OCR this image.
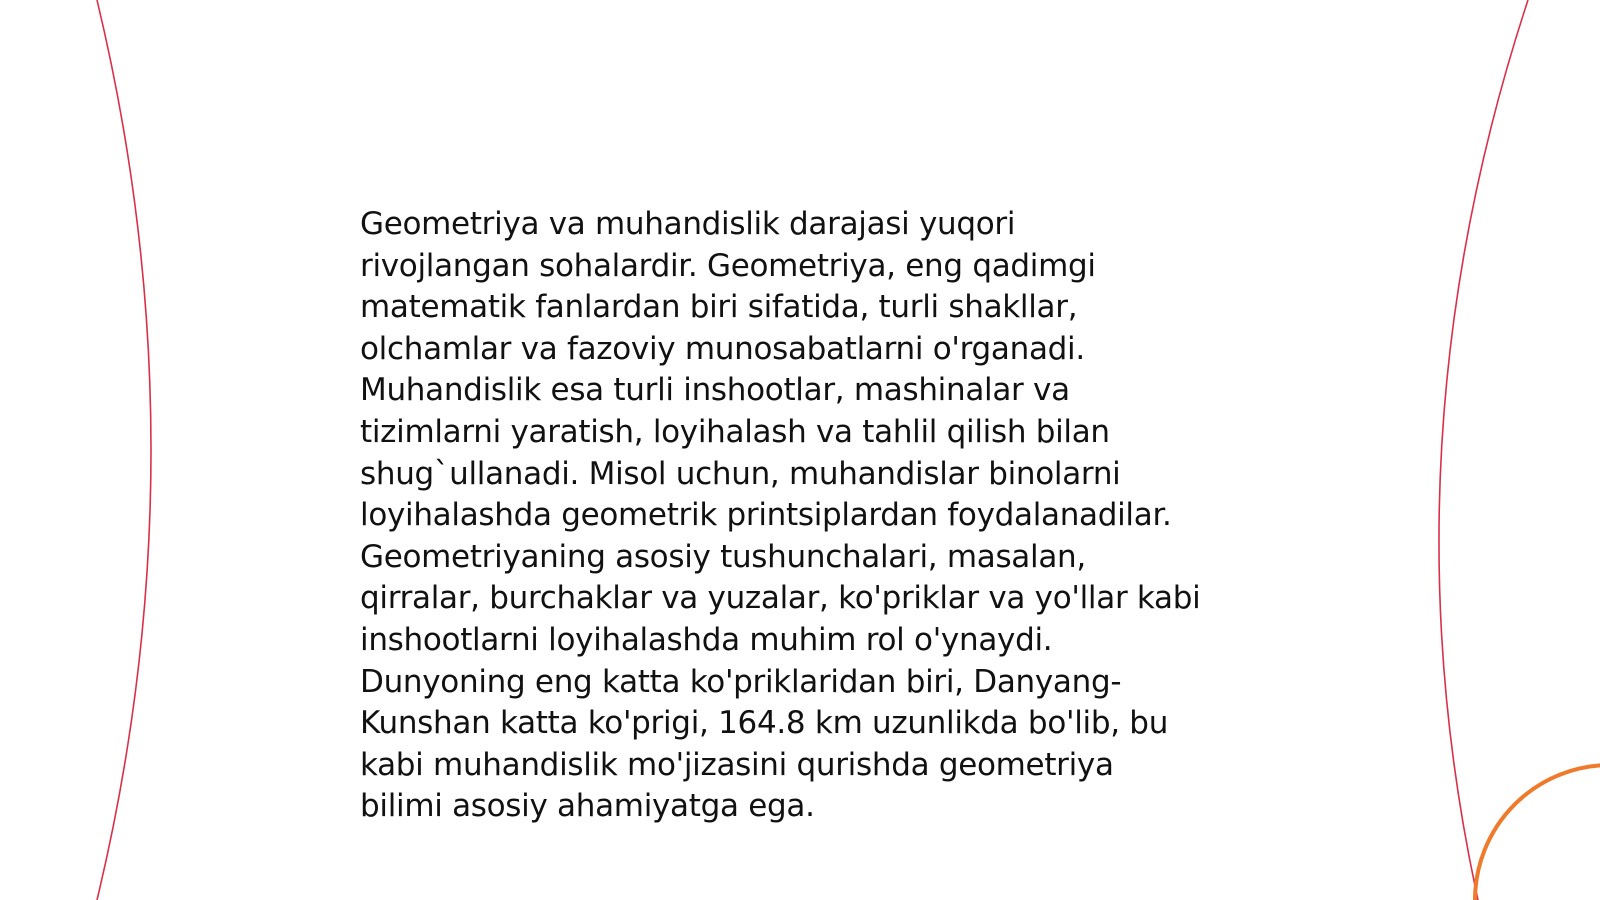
Geometriya va muhandislik darajasi yuqori
rivojlangan sohalardir. Geometriya, eng qadimgi
matematik fanlardan biri sifatida, turli shakllar,
olchamlar va fazoviy munosabatlarni o'rganadi.
Muhandislik esa turli inshootlar, mashinalar va
tizimlarni yaratish, loyihalash va tahlil qilish bilan
shug`ullanadi. Misol uchun, muhandislar binolarni
loyihalashda geometrik printsiplardan foydalanadilar.
Geometriyaning asosiy tushunchalari, masalan,
qirralar, burchaklar va yuzalar, ko'priklar va yo'llar kabi
inshootlarni loyihalashda muhim rol o'ynaydi.
Dunyoning eng katta ko'priklaridan biri, Danyang-
Kunshan katta ko'prigi, 164.8 km uzunlikda bo'lib, bu
kabi muhandislik mo'jizasini qurishda geometriya
bilimi asosiy ahamiyatga ega.
